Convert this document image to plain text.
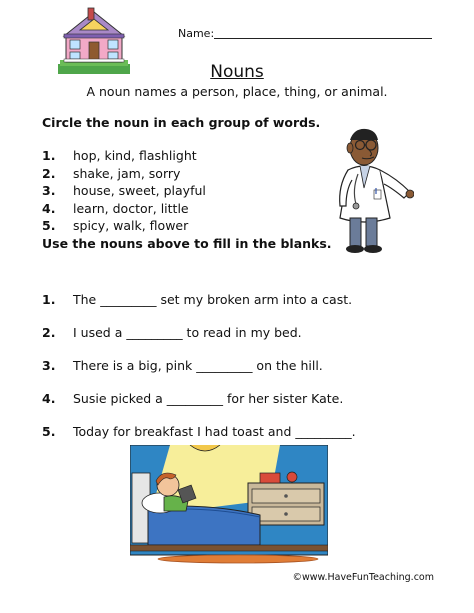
Name:
Nouns
A noun names a person, place, thing, or animal.
Circle the noun in each group of words.
1. hop, kind, flashlight
2. shake, jam, sorry
3. house, sweet, playful
4. learn, doctor, little
5. spicy, walk, flower
Use the nouns above to fill in the blanks.
1. The _________ set my broken arm into a cast.
2. I used a _________ to read in my bed.
3. There is a big, pink _________ on the hill.
4. Susie picked a _________ for her sister Kate.
5. Today for breakfast I had toast and _________.
©www.HaveFunTeaching.com
